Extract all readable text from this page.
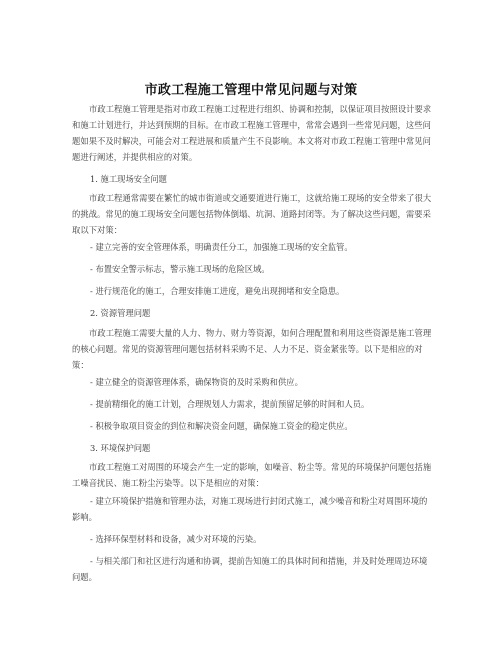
市政工程施工管理中常见问题与对策

市政工程施工管理是指对市政工程施工过程进行组织、协调和控制，以保证项目按照设计要求和施工计划进行，并达到预期的目标。在市政工程施工管理中，常常会遇到一些常见问题，这些问题如果不及时解决，可能会对工程进展和质量产生不良影响。本文将对市政工程施工管理中常见问题进行阐述，并提供相应的对策。

1. 施工现场安全问题

市政工程通常需要在繁忙的城市街道或交通要道进行施工，这就给施工现场的安全带来了很大的挑战。常见的施工现场安全问题包括物体倒塌、坑洞、道路封闭等。为了解决这些问题，需要采取以下对策：

- 建立完善的安全管理体系，明确责任分工，加强施工现场的安全监管。

- 布置安全警示标志，警示施工现场的危险区域。

- 进行规范化的施工，合理安排施工进度，避免出现拥堵和安全隐患。

2. 资源管理问题

市政工程施工需要大量的人力、物力、财力等资源，如何合理配置和利用这些资源是施工管理的核心问题。常见的资源管理问题包括材料采购不足、人力不足、资金紧张等。以下是相应的对策：

- 建立健全的资源管理体系，确保物资的及时采购和供应。

- 提前精细化的施工计划，合理规划人力需求，提前预留足够的时间和人员。

- 积极争取项目资金的到位和解决资金问题，确保施工资金的稳定供应。

3. 环境保护问题

市政工程施工对周围的环境会产生一定的影响，如噪音、粉尘等。常见的环境保护问题包括施工噪音扰民、施工粉尘污染等。以下是相应的对策：

- 建立环境保护措施和管理办法，对施工现场进行封闭式施工，减少噪音和粉尘对周围环境的影响。

- 选择环保型材料和设备，减少对环境的污染。

- 与相关部门和社区进行沟通和协调，提前告知施工的具体时间和措施，并及时处理周边环境问题。
